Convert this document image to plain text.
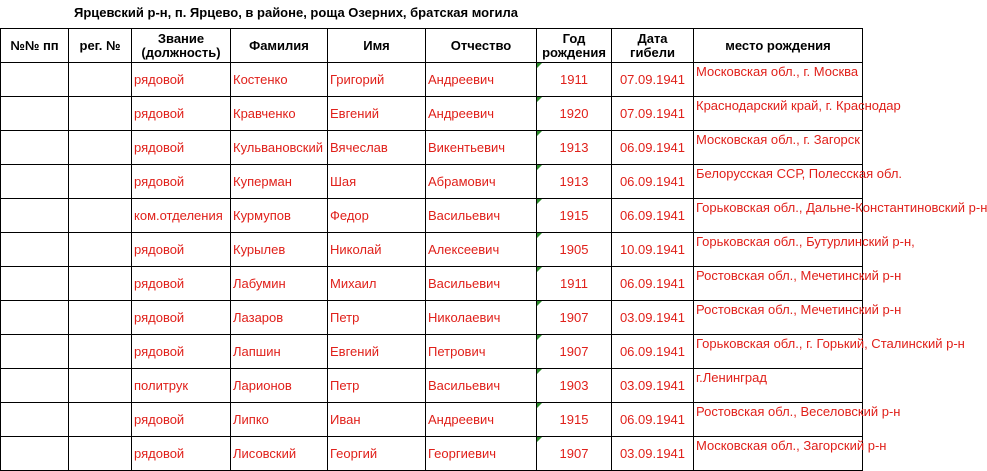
Ярцевский р-н, п. Ярцево, в районе, роща Озерних, братская могила
№№ пп	рег. №	Звание (должность)	Фамилия	Имя	Отчество	Год рождения	Дата гибели	место рождения
		рядовой	Костенко	Григорий	Андреевич	1911	07.09.1941	Московская обл., г. Москва
		рядовой	Кравченко	Евгений	Андреевич	1920	07.09.1941	Краснодарский край, г. Краснодар
		рядовой	Кульвановский	Вячеслав	Викентьевич	1913	06.09.1941	Московская обл., г. Загорск
		рядовой	Куперман	Шая	Абрамович	1913	06.09.1941	Белорусская ССР, Полесская обл.
		ком.отделения	Курмупов	Федор	Васильевич	1915	06.09.1941	Горьковская обл., Дальне-Константиновский р-н
		рядовой	Курылев	Николай	Алексеевич	1905	10.09.1941	Горьковская обл., Бутурлинский р-н,
		рядовой	Лабумин	Михаил	Васильевич	1911	06.09.1941	Ростовская обл., Мечетинский р-н
		рядовой	Лазаров	Петр	Николаевич	1907	03.09.1941	Ростовская обл., Мечетинский р-н
		рядовой	Лапшин	Евгений	Петрович	1907	06.09.1941	Горьковская обл., г. Горький, Сталинский р-н
		политрук	Ларионов	Петр	Васильевич	1903	03.09.1941	г.Ленинград
		рядовой	Липко	Иван	Андреевич	1915	06.09.1941	Ростовская обл., Веселовский р-н
		рядовой	Лисовский	Георгий	Георгиевич	1907	03.09.1941	Московская обл., Загорский р-н
